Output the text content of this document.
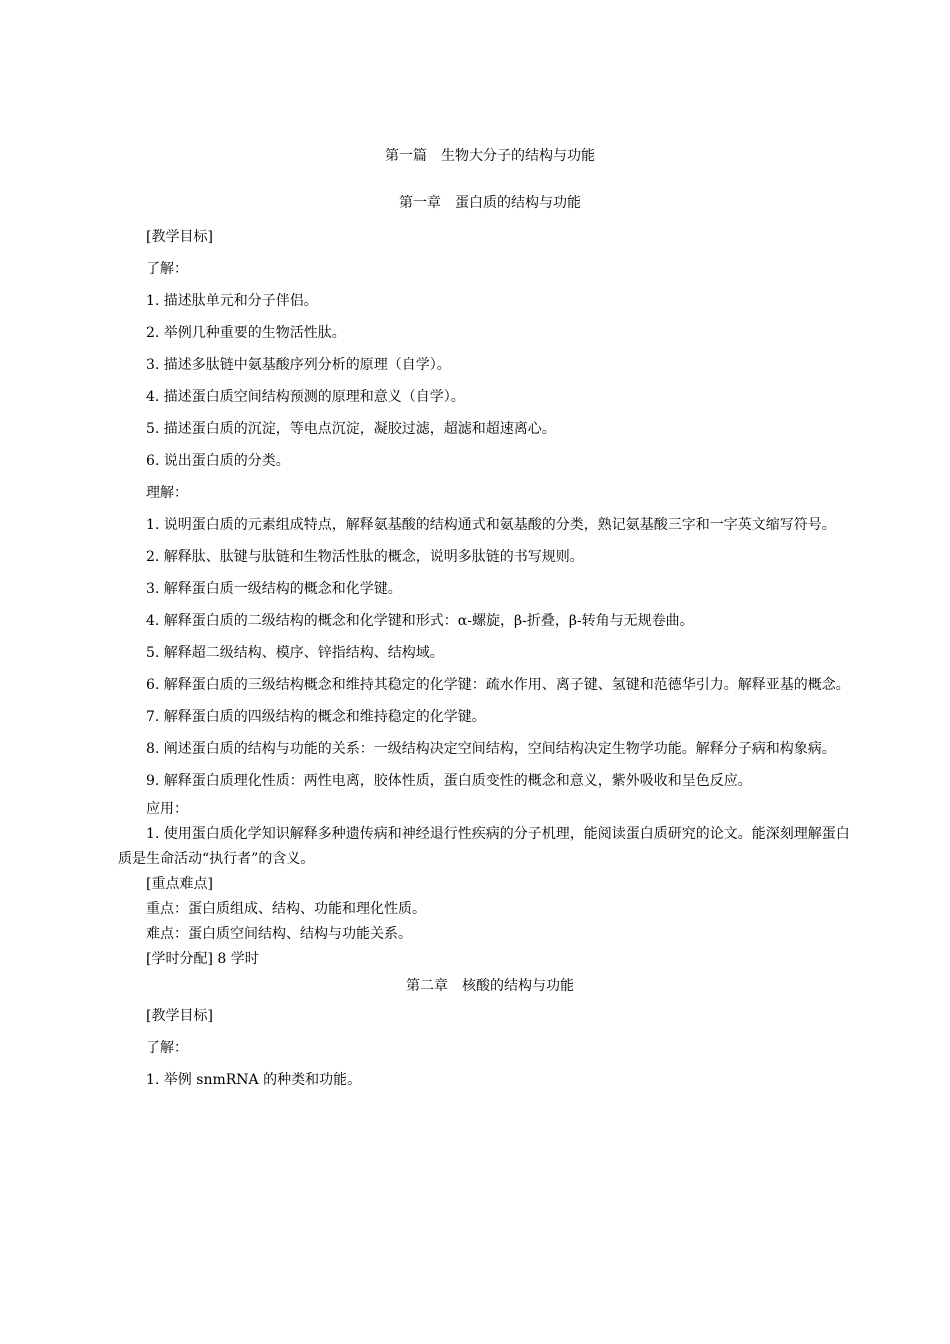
第一篇　生物大分子的结构与功能

第一章　蛋白质的结构与功能

[教学目标]

了解：

1. 描述肽单元和分子伴侣。

2. 举例几种重要的生物活性肽。

3. 描述多肽链中氨基酸序列分析的原理（自学）。

4. 描述蛋白质空间结构预测的原理和意义（自学）。

5. 描述蛋白质的沉淀，等电点沉淀，凝胶过滤，超滤和超速离心。

6. 说出蛋白质的分类。

理解：

1. 说明蛋白质的元素组成特点，解释氨基酸的结构通式和氨基酸的分类，熟记氨基酸三字和一字英文缩写符号。

2. 解释肽、肽键与肽链和生物活性肽的概念，说明多肽链的书写规则。

3. 解释蛋白质一级结构的概念和化学键。

4. 解释蛋白质的二级结构的概念和化学键和形式：α-螺旋，β-折叠，β-转角与无规卷曲。

5. 解释超二级结构、模序、锌指结构、结构域。

6. 解释蛋白质的三级结构概念和维持其稳定的化学键：疏水作用、离子键、氢键和范德华引力。解释亚基的概念。

7. 解释蛋白质的四级结构的概念和维持稳定的化学键。

8. 阐述蛋白质的结构与功能的关系：一级结构决定空间结构，空间结构决定生物学功能。解释分子病和构象病。

9. 解释蛋白质理化性质：两性电离，胶体性质，蛋白质变性的概念和意义，紫外吸收和呈色反应。

应用：

1. 使用蛋白质化学知识解释多种遗传病和神经退行性疾病的分子机理，能阅读蛋白质研究的论文。能深刻理解蛋白质是生命活动“执行者”的含义。

[重点难点]

重点：蛋白质组成、结构、功能和理化性质。

难点：蛋白质空间结构、结构与功能关系。

[学时分配] 8 学时

第二章　核酸的结构与功能

[教学目标]

了解：

1. 举例 snmRNA 的种类和功能。
